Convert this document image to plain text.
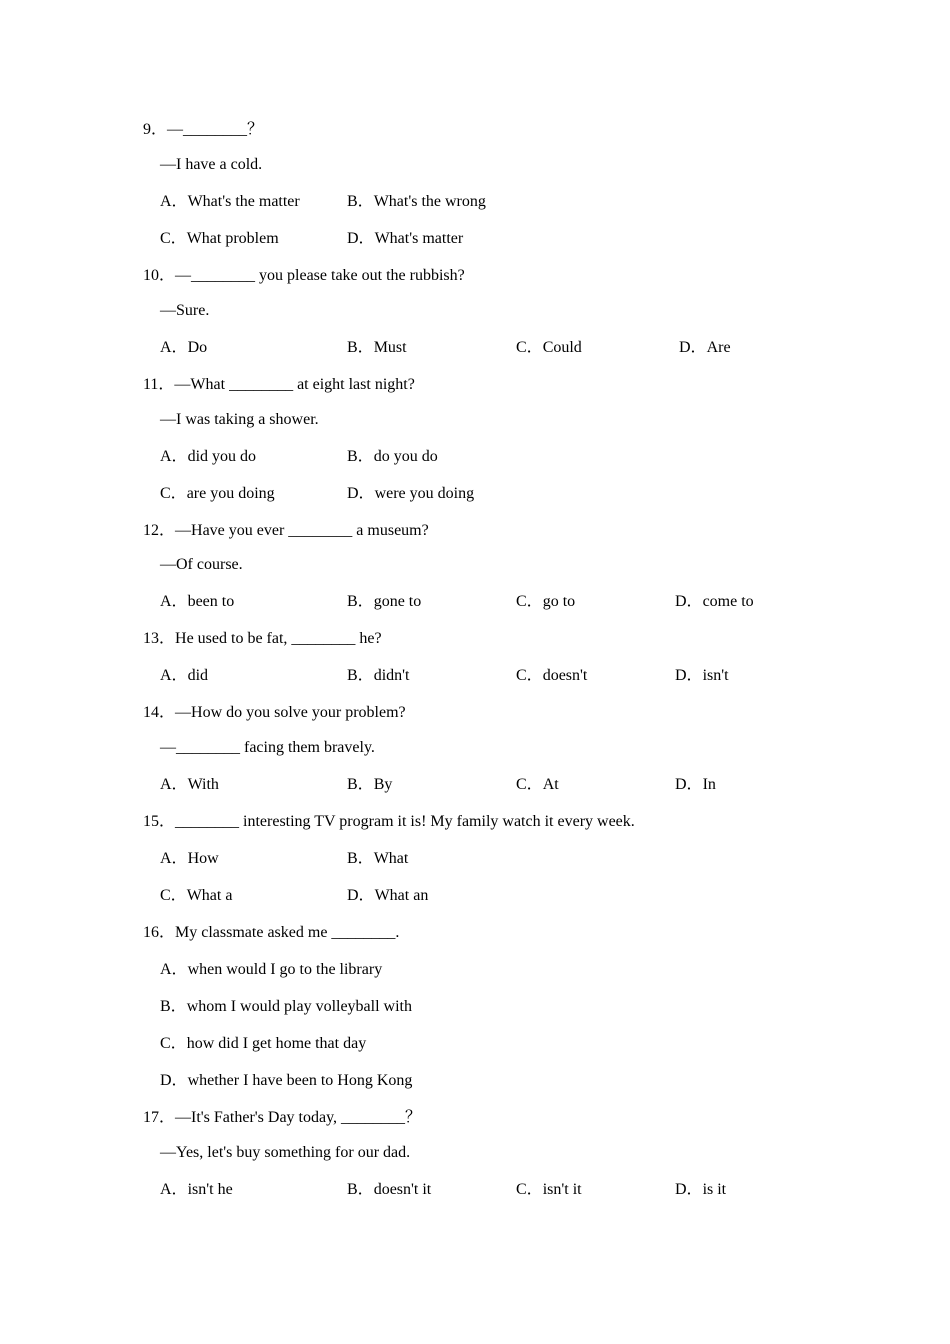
9．—________？
—I have a cold.
A．What's the matter	B．What's the wrong
C．What problem	D．What's matter
10．—________ you please take out the rubbish?
—Sure.
A．Do	B．Must	C．Could	D．Are
11．—What ________ at eight last night?
—I was taking a shower.
A．did you do	B．do you do
C．are you doing	D．were you doing
12．—Have you ever ________ a museum?
—Of course.
A．been to	B．gone to	C．go to	D．come to
13．He used to be fat, ________ he?
A．did	B．didn't	C．doesn't	D．isn't
14．—How do you solve your problem?
—________ facing them bravely.
A．With	B．By	C．At	D．In
15．________ interesting TV program it is! My family watch it every week.
A．How	B．What
C．What a	D．What an
16．My classmate asked me ________.
A．when would I go to the library
B．whom I would play volleyball with
C．how did I get home that day
D．whether I have been to Hong Kong
17．—It's Father's Day today, ________？
—Yes, let's buy something for our dad.
A．isn't he	B．doesn't it	C．isn't it	D．is it
